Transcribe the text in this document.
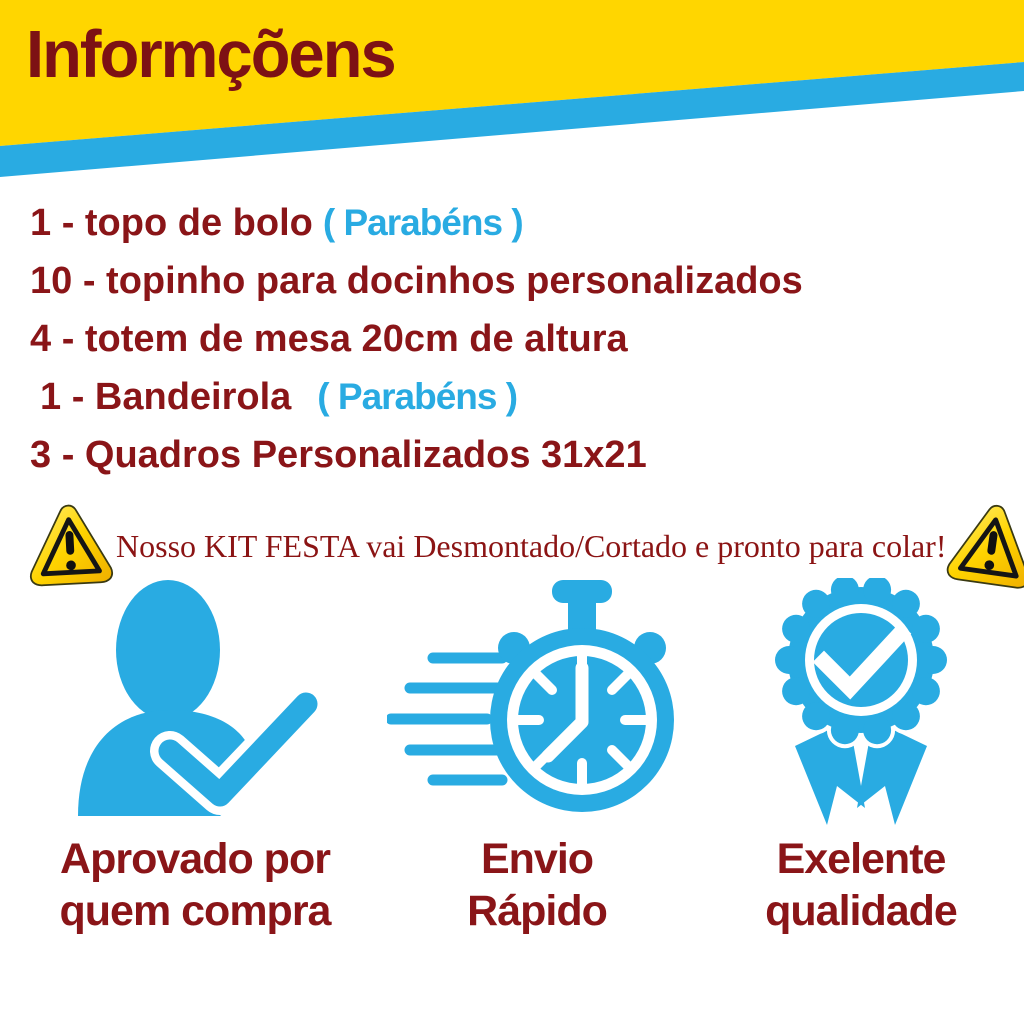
Informçõens
1 - topo de bolo ( Parabéns )
10 - topinho para docinhos personalizados
4 - totem de mesa 20cm de altura
1 - Bandeirola ( Parabéns )
3 - Quadros Personalizados 31x21
Nosso KIT FESTA vai Desmontado/Cortado e pronto para colar!
Aprovado por
quem compra
Envio
Rápido
Exelente
qualidade
